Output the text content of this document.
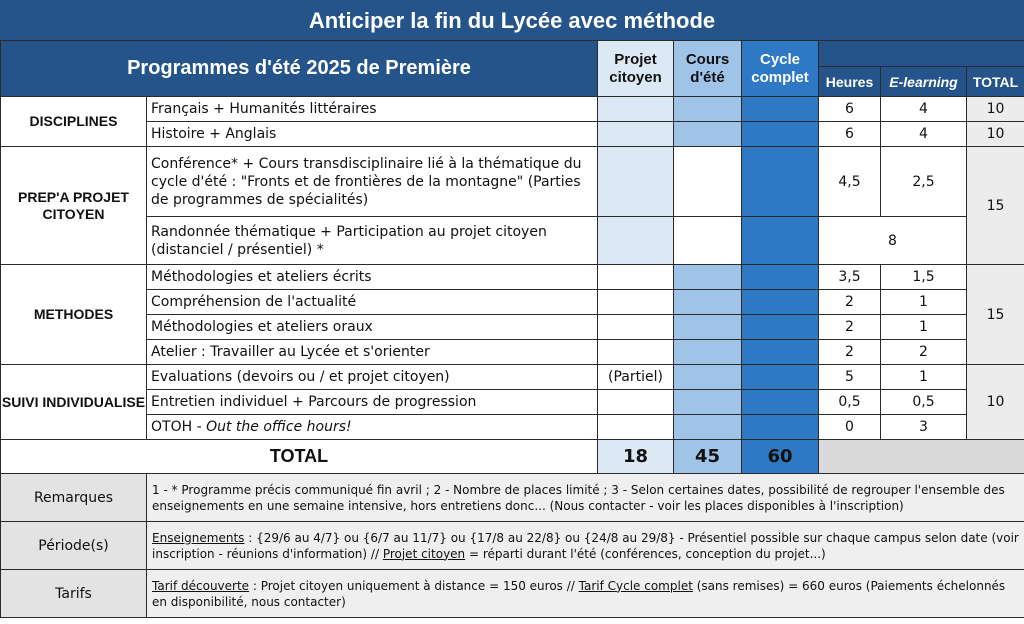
Anticiper la fin du Lycée avec méthode
Programmes d'été 2025 de Première		Projet citoyen	Cours d'été	Cycle complet			
					Heures	E-learning	TOTAL
DISCIPLINES	Français + Humanités littéraires				6	4	10
	Histoire + Anglais				6	4	10
PREP'A PROJET CITOYEN	Conférence* + Cours transdisciplinaire lié à la thématique du cycle d'été : "Fronts et de frontières de la montagne" (Parties de programmes de spécialités)				4,5	2,5	15
	Randonnée thématique + Participation au projet citoyen (distanciel / présentiel) *				8		
METHODES	Méthodologies et ateliers écrits				3,5	1,5	15
	Compréhension de l'actualité				2	1	
	Méthodologies et ateliers oraux				2	1	
	Atelier : Travailler au Lycée et s'orienter				2	2	
SUIVI INDIVIDUALISE	Evaluations (devoirs ou / et projet citoyen)	(Partiel)			5	1	10
	Entretien individuel + Parcours de progression				0,5	0,5	
	OTOH - Out the office hours!				0	3	
TOTAL		18	45	60			
Remarques	1 - * Programme précis communiqué fin avril ; 2 - Nombre de places limité ; 3 - Selon certaines dates, possibilité de regrouper l'ensemble des enseignements en une semaine intensive, hors entretiens donc... (Nous contacter - voir les places disponibles à l'inscription)						
Période(s)	Enseignements : {29/6 au 4/7} ou {6/7 au 11/7} ou {17/8 au 22/8} ou {24/8 au 29/8} - Présentiel possible sur chaque campus selon date (voir inscription - réunions d'information) // Projet citoyen = réparti durant l'été (conférences, conception du projet...)						
Tarifs	Tarif découverte : Projet citoyen uniquement à distance = 150 euros // Tarif Cycle complet (sans remises) = 660 euros (Paiements échelonnés en disponibilité, nous contacter)						
